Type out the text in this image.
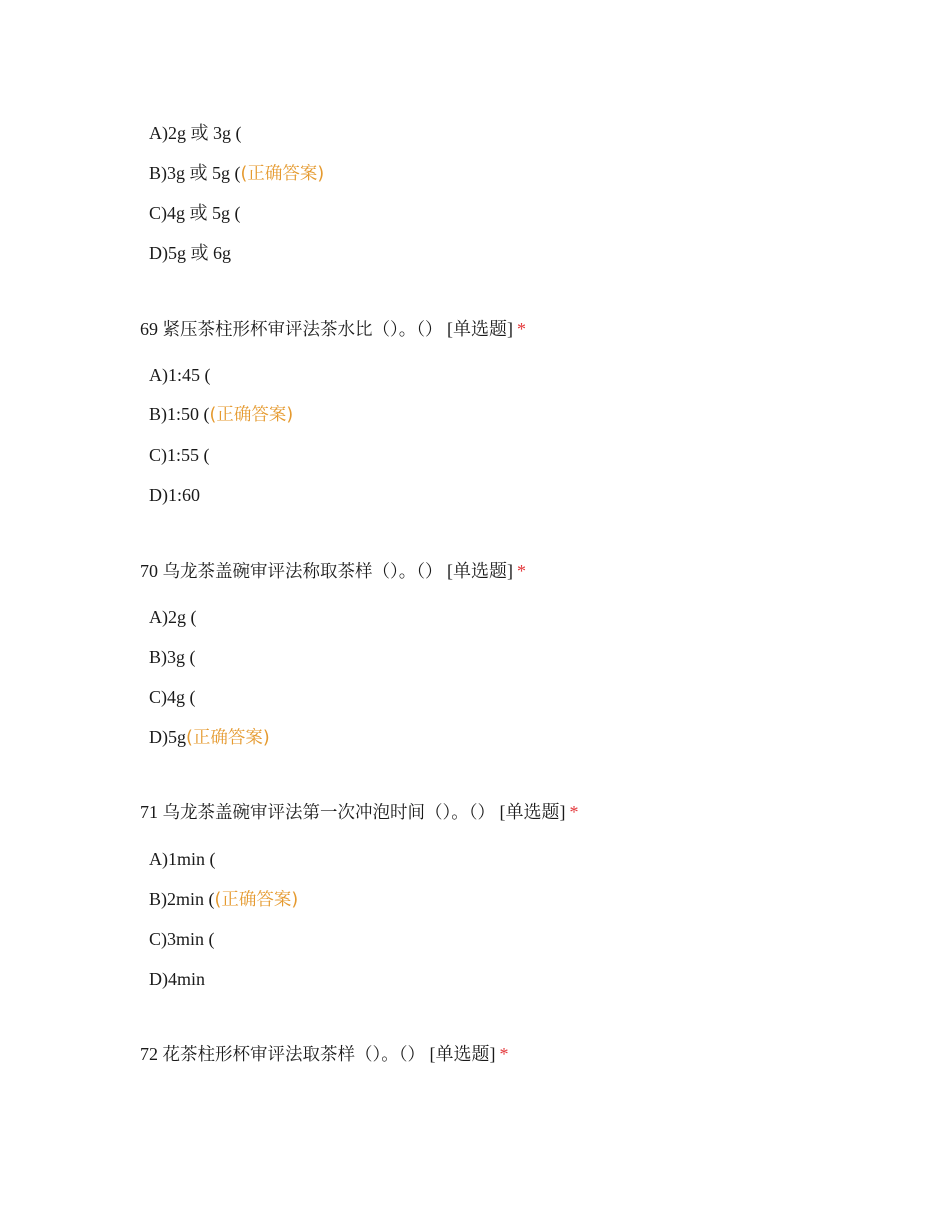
A)2g 或 3g (
B)3g 或 5g ((正确答案)
C)4g 或 5g (
D)5g 或 6g
69 紧压茶柱形杯审评法茶水比（）。（） [单选题] *
A)1:45 (
B)1:50 ((正确答案)
C)1:55 (
D)1:60
70 乌龙茶盖碗审评法称取茶样（）。（） [单选题] *
A)2g (
B)3g (
C)4g (
D)5g(正确答案)
71 乌龙茶盖碗审评法第一次冲泡时间（）。（） [单选题] *
A)1min (
B)2min ((正确答案)
C)3min (
D)4min
72 花茶柱形杯审评法取茶样（）。（） [单选题] *
